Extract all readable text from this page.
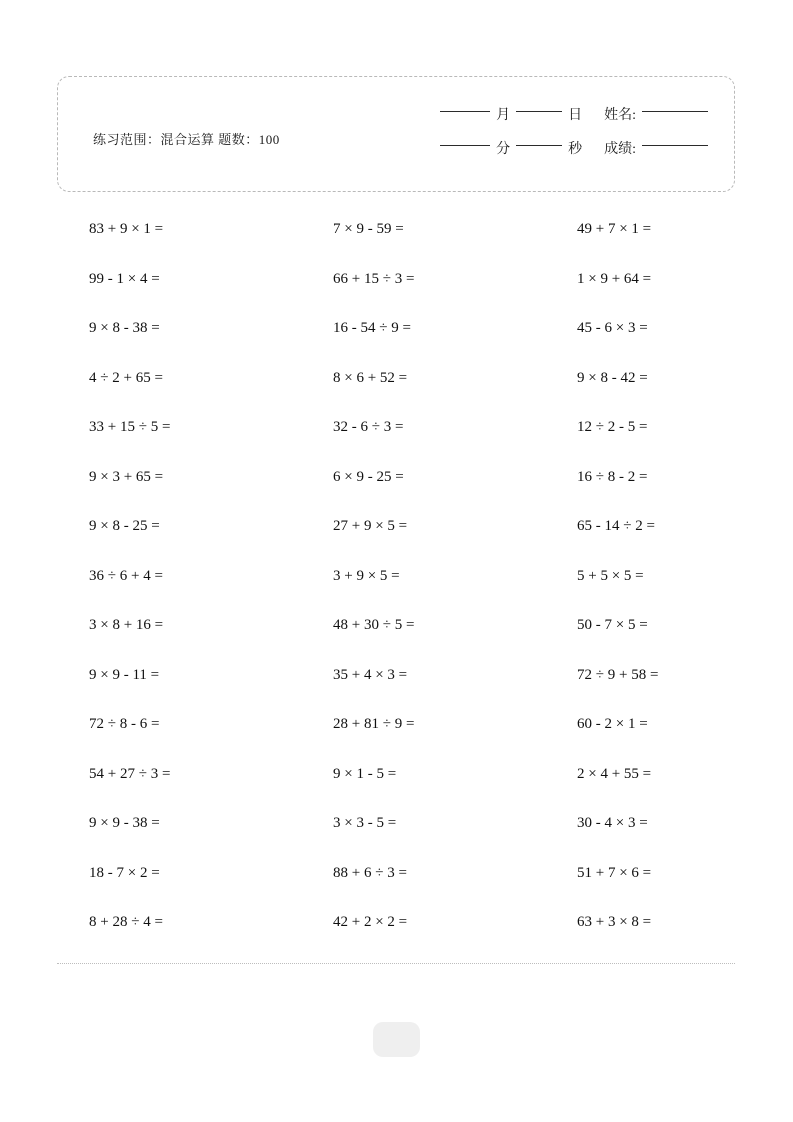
练习范围：混合运算 题数：100
月	日 姓名:
分	秒 成绩:
83 + 9 × 1 =	7 × 9 - 59 =	49 + 7 × 1 =
99 - 1 × 4 =	66 + 15 ÷ 3 =	1 × 9 + 64 =
9 × 8 - 38 =	16 - 54 ÷ 9 =	45 - 6 × 3 =
4 ÷ 2 + 65 =	8 × 6 + 52 =	9 × 8 - 42 =
33 + 15 ÷ 5 =	32 - 6 ÷ 3 =	12 ÷ 2 - 5 =
9 × 3 + 65 =	6 × 9 - 25 =	16 ÷ 8 - 2 =
9 × 8 - 25 =	27 + 9 × 5 =	65 - 14 ÷ 2 =
36 ÷ 6 + 4 =	3 + 9 × 5 =	5 + 5 × 5 =
3 × 8 + 16 =	48 + 30 ÷ 5 =	50 - 7 × 5 =
9 × 9 - 11 =	35 + 4 × 3 =	72 ÷ 9 + 58 =
72 ÷ 8 - 6 =	28 + 81 ÷ 9 =	60 - 2 × 1 =
54 + 27 ÷ 3 =	9 × 1 - 5 =	2 × 4 + 55 =
9 × 9 - 38 =	3 × 3 - 5 =	30 - 4 × 3 =
18 - 7 × 2 =	88 + 6 ÷ 3 =	51 + 7 × 6 =
8 + 28 ÷ 4 =	42 + 2 × 2 =	63 + 3 × 8 =
